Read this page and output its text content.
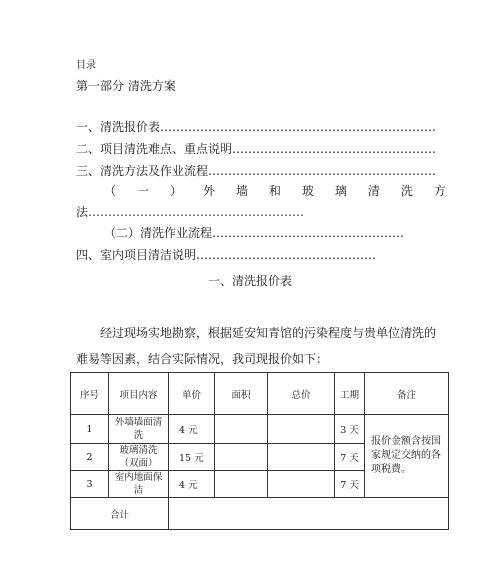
目录
第一部分 清洗方案
一、清洗报价表……………………………………………………………
二、项目清洗难点、重点说明……………………………………………
三、清洗方法及作业流程…………………………………………………
（ 一 ） 外 墙 和 玻 璃 清 洗 方
法………………………………………………
（二）清洗作业流程…………………………………………
四、室内项目清洁说明………………………………………
一、清洗报价表
经过现场实地勘察，根据延安知青馆的污染程度与贵单位清洗的
难易等因素，结合实际情况，我司现报价如下：
序号	项目内容	单价	面积	总价	工期	备注
1	外墙墙面清
洗	4 元			3 天	报价金额含按国家规定交纳的各项税费。
2	玻璃清洗
（双面）	15 元			7 天	
3	室内地面保
洁	4 元			7 天	
合计						
